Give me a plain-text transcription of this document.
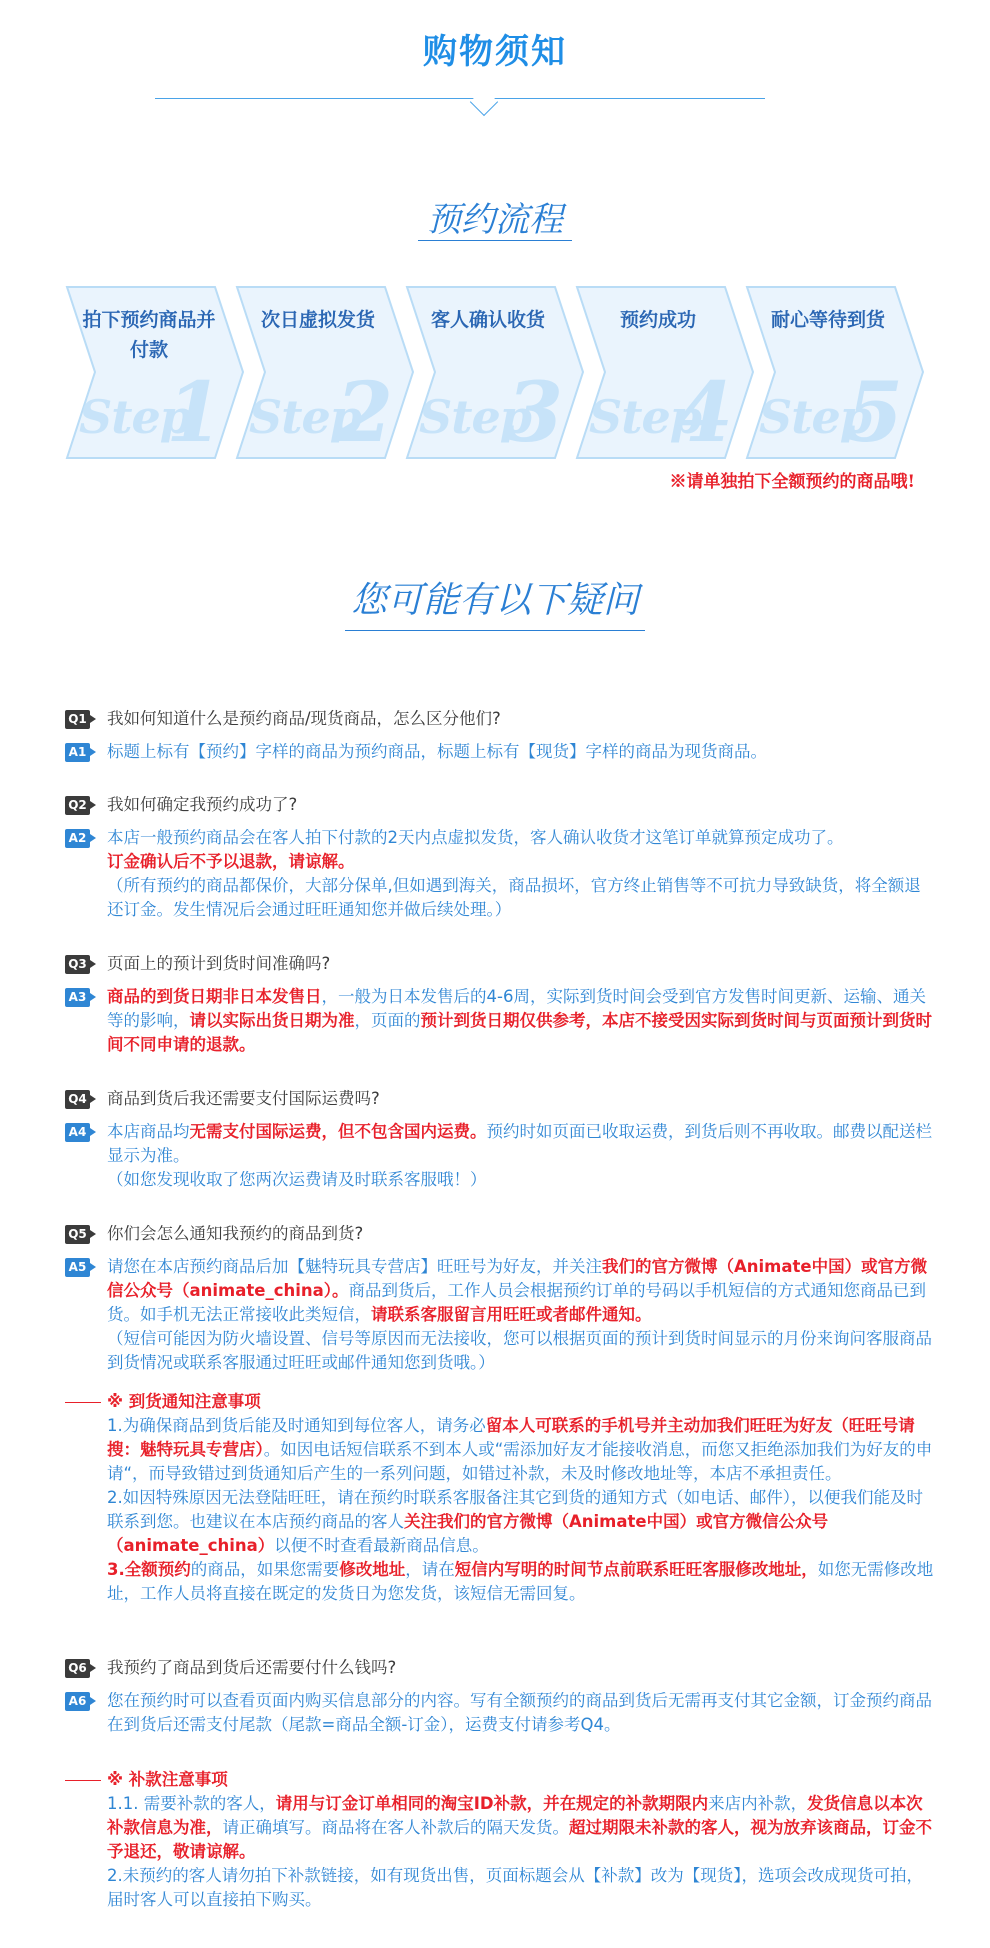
购物须知
预约流程
Step
1
拍下预约商品并付款
Step
2
次日虚拟发货
Step
3
客人确认收货
Step
4
预约成功
Step
5
耐心等待到货
※请单独拍下全额预约的商品哦!
您可能有以下疑问
Q1 我如何知道什么是预约商品/现货商品，怎么区分他们?
A1 标题上标有【预约】字样的商品为预约商品，标题上标有【现货】字样的商品为现货商品。
Q2 我如何确定我预约成功了?
A2 本店一般预约商品会在客人拍下付款的2天内点虚拟发货，客人确认收货才这笔订单就算预定成功了。
订金确认后不予以退款，请谅解。
（所有预约的商品都保价，大部分保单,但如遇到海关，商品损坏，官方终止销售等不可抗力导致缺货，将全额退还订金。发生情况后会通过旺旺通知您并做后续处理。）
Q3 页面上的预计到货时间准确吗?
A3 商品的到货日期非日本发售日，一般为日本发售后的4-6周，实际到货时间会受到官方发售时间更新、运输、通关等的影响，请以实际出货日期为准，页面的预计到货日期仅供参考，本店不接受因实际到货时间与页面预计到货时间不同申请的退款。
Q4 商品到货后我还需要支付国际运费吗?
A4 本店商品均无需支付国际运费，但不包含国内运费。预约时如页面已收取运费，到货后则不再收取。邮费以配送栏显示为准。
（如您发现收取了您两次运费请及时联系客服哦！）
Q5 你们会怎么通知我预约的商品到货?
A5 请您在本店预约商品后加【魅特玩具专营店】旺旺号为好友，并关注我们的官方微博（Animate中国）或官方微信公众号（animate_china）。商品到货后，工作人员会根据预约订单的号码以手机短信的方式通知您商品已到货。如手机无法正常接收此类短信，请联系客服留言用旺旺或者邮件通知。
（短信可能因为防火墙设置、信号等原因而无法接收，您可以根据页面的预计到货时间显示的月份来询问客服商品到货情况或联系客服通过旺旺或邮件通知您到货哦。）
※ 到货通知注意事项
1.为确保商品到货后能及时通知到每位客人，请务必留本人可联系的手机号并主动加我们旺旺为好友（旺旺号请搜：魅特玩具专营店）。如因电话短信联系不到本人或“需添加好友才能接收消息，而您又拒绝添加我们为好友的申请“，而导致错过到货通知后产生的一系列问题，如错过补款，未及时修改地址等，本店不承担责任。
2.如因特殊原因无法登陆旺旺，请在预约时联系客服备注其它到货的通知方式（如电话、邮件），以便我们能及时联系到您。也建议在本店预约商品的客人关注我们的官方微博（Animate中国）或官方微信公众号（animate_china）以便不时查看最新商品信息。
3.全额预约的商品，如果您需要修改地址，请在短信内写明的时间节点前联系旺旺客服修改地址，如您无需修改地址，工作人员将直接在既定的发货日为您发货，该短信无需回复。
Q6 我预约了商品到货后还需要付什么钱吗?
A6 您在预约时可以查看页面内购买信息部分的内容。写有全额预约的商品到货后无需再支付其它金额，订金预约商品在到货后还需支付尾款（尾款=商品全额-订金），运费支付请参考Q4。
※ 补款注意事项
1.1. 需要补款的客人，请用与订金订单相同的淘宝ID补款，并在规定的补款期限内来店内补款，发货信息以本次补款信息为准，请正确填写。商品将在客人补款后的隔天发货。超过期限未补款的客人，视为放弃该商品，订金不予退还，敬请谅解。
2.未预约的客人请勿拍下补款链接，如有现货出售，页面标题会从【补款】改为【现货】，选项会改成现货可拍，届时客人可以直接拍下购买。
